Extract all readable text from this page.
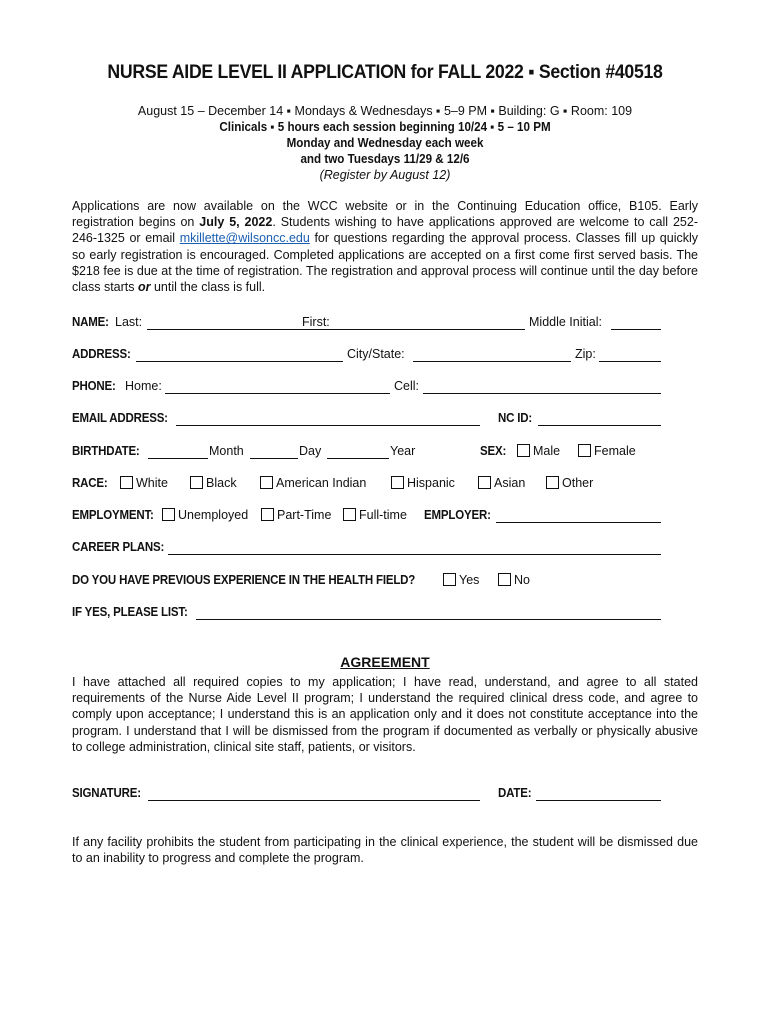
NURSE AIDE LEVEL II APPLICATION for FALL 2022 ▪ Section #40518
August 15 – December 14 ▪ Mondays & Wednesdays ▪ 5–9 PM ▪ Building: G ▪ Room: 109
Clinicals ▪ 5 hours each session beginning 10/24 ▪ 5 – 10 PM
Monday and Wednesday each week
and two Tuesdays 11/29 & 12/6
(Register by August 12)
Applications are now available on the WCC website or in the Continuing Education office, B105. Early registration begins on July 5, 2022. Students wishing to have applications approved are welcome to call 252-246-1325 or email mkillette@wilsoncc.edu for questions regarding the approval process. Classes fill up quickly so early registration is encouraged. Completed applications are accepted on a first come first served basis. The $218 fee is due at the time of registration. The registration and approval process will continue until the day before class starts or until the class is full.
NAME: Last:	First:	Middle Initial:
ADDRESS:	City/State:	Zip:
PHONE: Home:	Cell:
EMAIL ADDRESS:	NC ID:
BIRTHDATE:	Month	Day	Year	SEX: Male	Female
RACE: White	Black	American Indian	Hispanic	Asian	Other
EMPLOYMENT: Unemployed Part-Time Full-time EMPLOYER:
CAREER PLANS:
DO YOU HAVE PREVIOUS EXPERIENCE IN THE HEALTH FIELD?	Yes	No
IF YES, PLEASE LIST:
AGREEMENT
I have attached all required copies to my application; I have read, understand, and agree to all stated requirements of the Nurse Aide Level II program; I understand the required clinical dress code, and agree to comply upon acceptance; I understand this is an application only and it does not constitute acceptance into the program. I understand that I will be dismissed from the program if documented as verbally or physically abusive to college administration, clinical site staff, patients, or visitors.
SIGNATURE:	DATE:
If any facility prohibits the student from participating in the clinical experience, the student will be dismissed due to an inability to progress and complete the program.
